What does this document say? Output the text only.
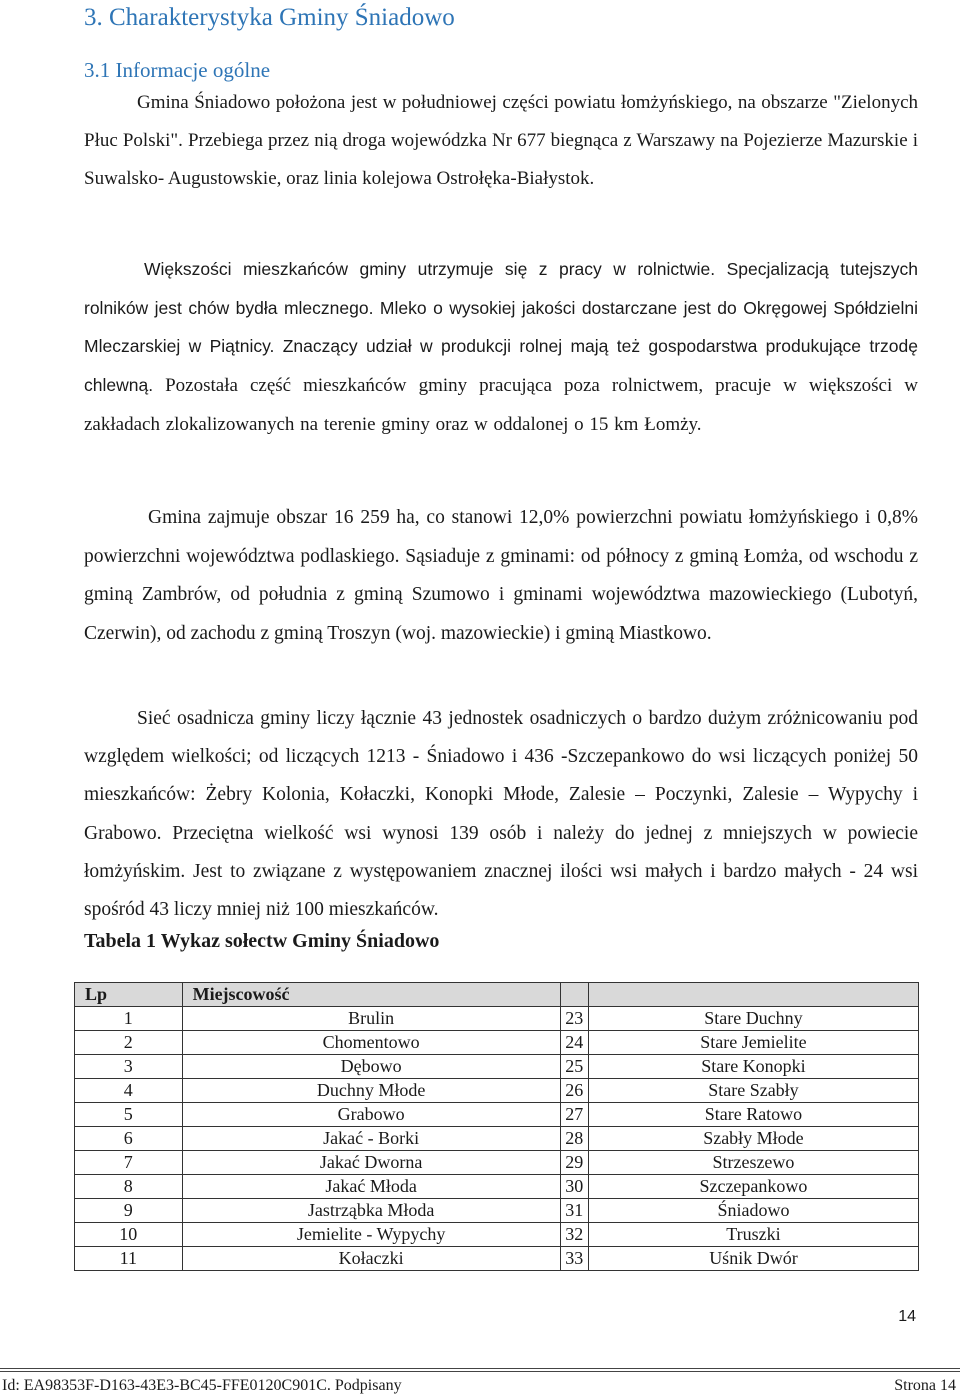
3. Charakterystyka Gminy Śniadowo
3.1 Informacje ogólne

Gmina Śniadowo położona jest w południowej części powiatu łomżyńskiego, na obszarze "Zielonych Płuc Polski". Przebiega przez nią droga wojewódzka Nr 677 biegnąca z Warszawy na Pojezierze Mazurskie i Suwalsko- Augustowskie, oraz linia kolejowa Ostrołęka-Białystok.

Większości mieszkańców gminy utrzymuje się z pracy w rolnictwie. Specjalizacją tutejszych rolników jest chów bydła mlecznego. Mleko o wysokiej jakości dostarczane jest do Okręgowej Spółdzielni Mleczarskiej w Piątnicy. Znaczący udział w produkcji rolnej mają też gospodarstwa produkujące trzodę chlewną. Pozostała część mieszkańców gminy pracująca poza rolnictwem, pracuje w większości w zakładach zlokalizowanych na terenie gminy oraz w oddalonej o 15 km Łomży.

Gmina zajmuje obszar 16 259 ha, co stanowi 12,0% powierzchni powiatu łomżyńskiego i 0,8% powierzchni województwa podlaskiego. Sąsiaduje z gminami: od północy z gminą Łomża, od wschodu z gminą Zambrów, od południa z gminą Szumowo i gminami województwa mazowieckiego (Lubotyń, Czerwin), od zachodu z gminą Troszyn (woj. mazowieckie) i gminą Miastkowo.

Sieć osadnicza gminy liczy łącznie 43 jednostek osadniczych o bardzo dużym zróżnicowaniu pod względem wielkości; od liczących 1213 - Śniadowo i 436 -Szczepankowo do wsi liczących poniżej 50 mieszkańców: Żebry Kolonia, Kołaczki, Konopki Młode, Zalesie – Poczynki, Zalesie – Wypychy i Grabowo. Przeciętna wielkość wsi wynosi 139 osób i należy do jednej z mniejszych w powiecie łomżyńskim. Jest to związane z występowaniem znacznej ilości wsi małych i bardzo małych - 24 wsi spośród 43 liczy mniej niż 100 mieszkańców.

Tabela 1 Wykaz sołectw Gminy Śniadowo

Lp	Miejscowość		
1	Brulin	23	Stare Duchny
2	Chomentowo	24	Stare Jemielite
3	Dębowo	25	Stare Konopki
4	Duchny Młode	26	Stare Szabły
5	Grabowo	27	Stare Ratowo
6	Jakać - Borki	28	Szabły Młode
7	Jakać Dworna	29	Strzeszewo
8	Jakać Młoda	30	Szczepankowo
9	Jastrząbka Młoda	31	Śniadowo
10	Jemielite - Wypychy	32	Truszki
11	Kołaczki	33	Uśnik Dwór

14

Id: EA98353F-D163-43E3-BC45-FFE0120C901C. Podpisany	Strona 14
